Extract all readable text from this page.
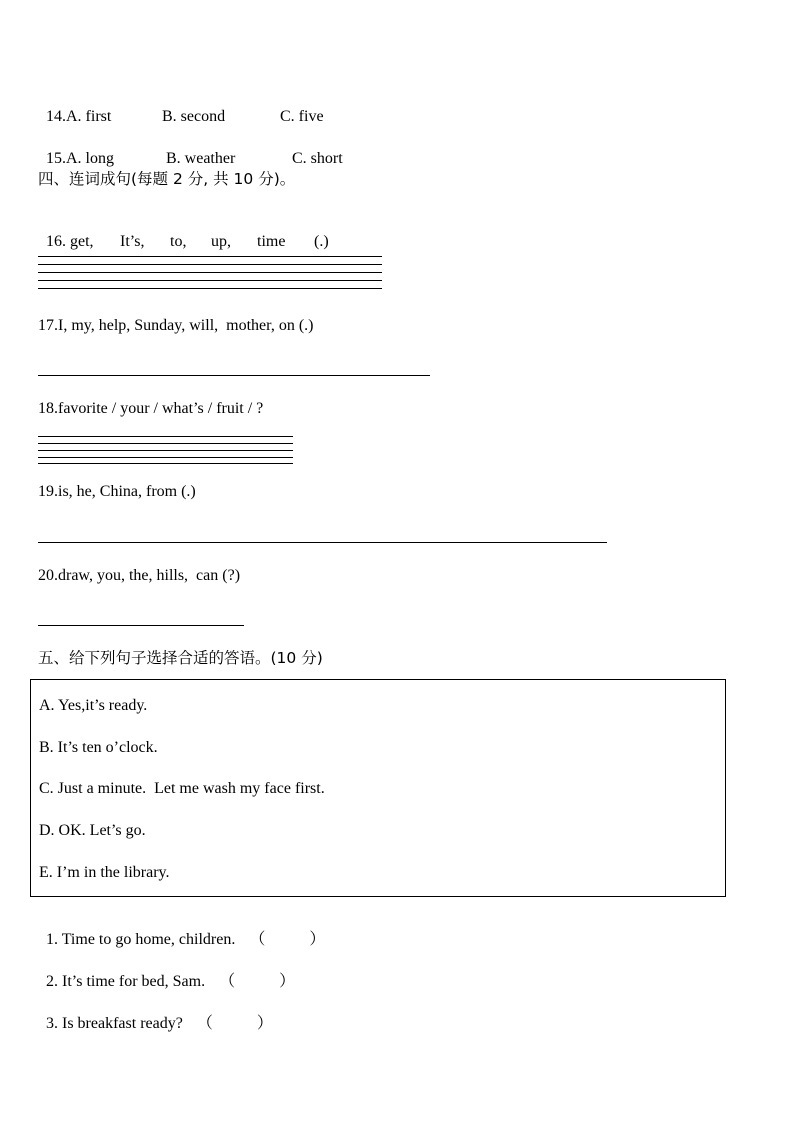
14.A. first	B. second	C. five

15.A. long	B. weather	C. short

四、连词成句(每题 2 分, 共 10 分)。

16. get, It’s, to, up, time (.)

17.I, my, help, Sunday, will,  mother, on (.)
18.favorite / your / what’s / fruit / ?
19.is, he, China, from (.)
20.draw, you, the, hills,  can (?)
五、给下列句子选择合适的答语。(10 分)
A. Yes,it’s ready.
B. It’s ten o’clock.
C. Just a minute.  Let me wash my face first.
D. OK. Let’s go.
E. I’m in the library.

1. Time to go home, children. （           ）

2. It’s time for bed, Sam. （           ）

3. Is breakfast ready? （           ）
